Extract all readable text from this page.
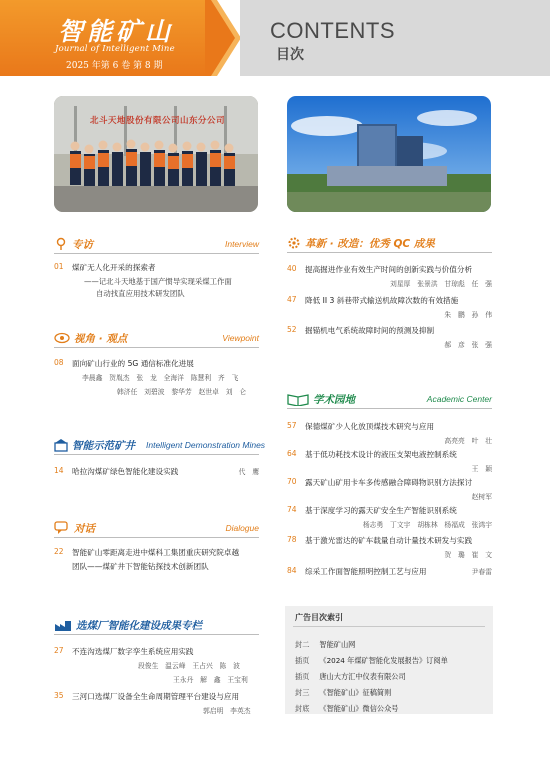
智能矿山
Journal of Intelligent Mine
2025 年第 6 卷 第 8 期
CONTENTS
目次
北斗天地股份有限公司山东分公司
专访	Interview
01	煤矿无人化开采的探索者
——记北斗天地基于国产惯导实现采煤工作面
自动找直应用技术研发团队
视角 · 观点	Viewpoint
08	面向矿山行业的 5G 通信标准化进展
李晨鑫　贺胤杰　张　龙　全海洋　陈慧利　齐　飞
韩济任　刘碧波　黎华芳　赵世卓　刘　仑
智能示范矿井 Intelligent Demonstration Mines
14	哈拉沟煤矿绿色智能化建设实践	代　鹰
对话	Dialogue
22	智能矿山零距离走进中煤科工集团重庆研究院卓越
团队——煤矿井下智能钻探技术创新团队
选煤厂智能化建设成果专栏
27	不连沟选煤厂数字孪生系统应用实践
段俊生　温云峰　王占兴　陈　波
王永丹　解　鑫　王宝利
35	三河口选煤厂设备全生命周期管理平台建设与应用
郭启明　李英杰
革新 · 改造：优秀 QC 成果
40	提高掘进作业有效生产时间的创新实践与价值分析
刘星厚　张景洪　甘琼彪　任　强
47	降低 II 3 斜巷带式输送机故障次数的有效措施
朱　鹏　孙　伟
52	掘锚机电气系统故障时间的预测及抑制
郝　彦　张　强
学术园地	Academic Center
57	保德煤矿少人化放顶煤技术研究与应用
高亮亮　叶　壮
64	基于低功耗技术设计的液压支架电液控制系统
王　颖
70	露天矿山矿用卡车多传感融合障碍物识别方法探讨
赵树军
74	基于深度学习的露天矿安全生产智能识别系统
杨志勇　丁文宇　胡栋林　杨福成　张鸿宇
78	基于激光雷达的矿车载量自动计量技术研发与实践
贺　璐　崔　文
84	综采工作面智能照明控制工艺与应用	尹春雷
广告目次索引
封二 智能矿山网
插页 《2024 年煤矿智能化发展报告》订阅单
插页 唐山大方汇中仪表有限公司
封三 《智能矿山》征稿简则
封底 《智能矿山》微信公众号
